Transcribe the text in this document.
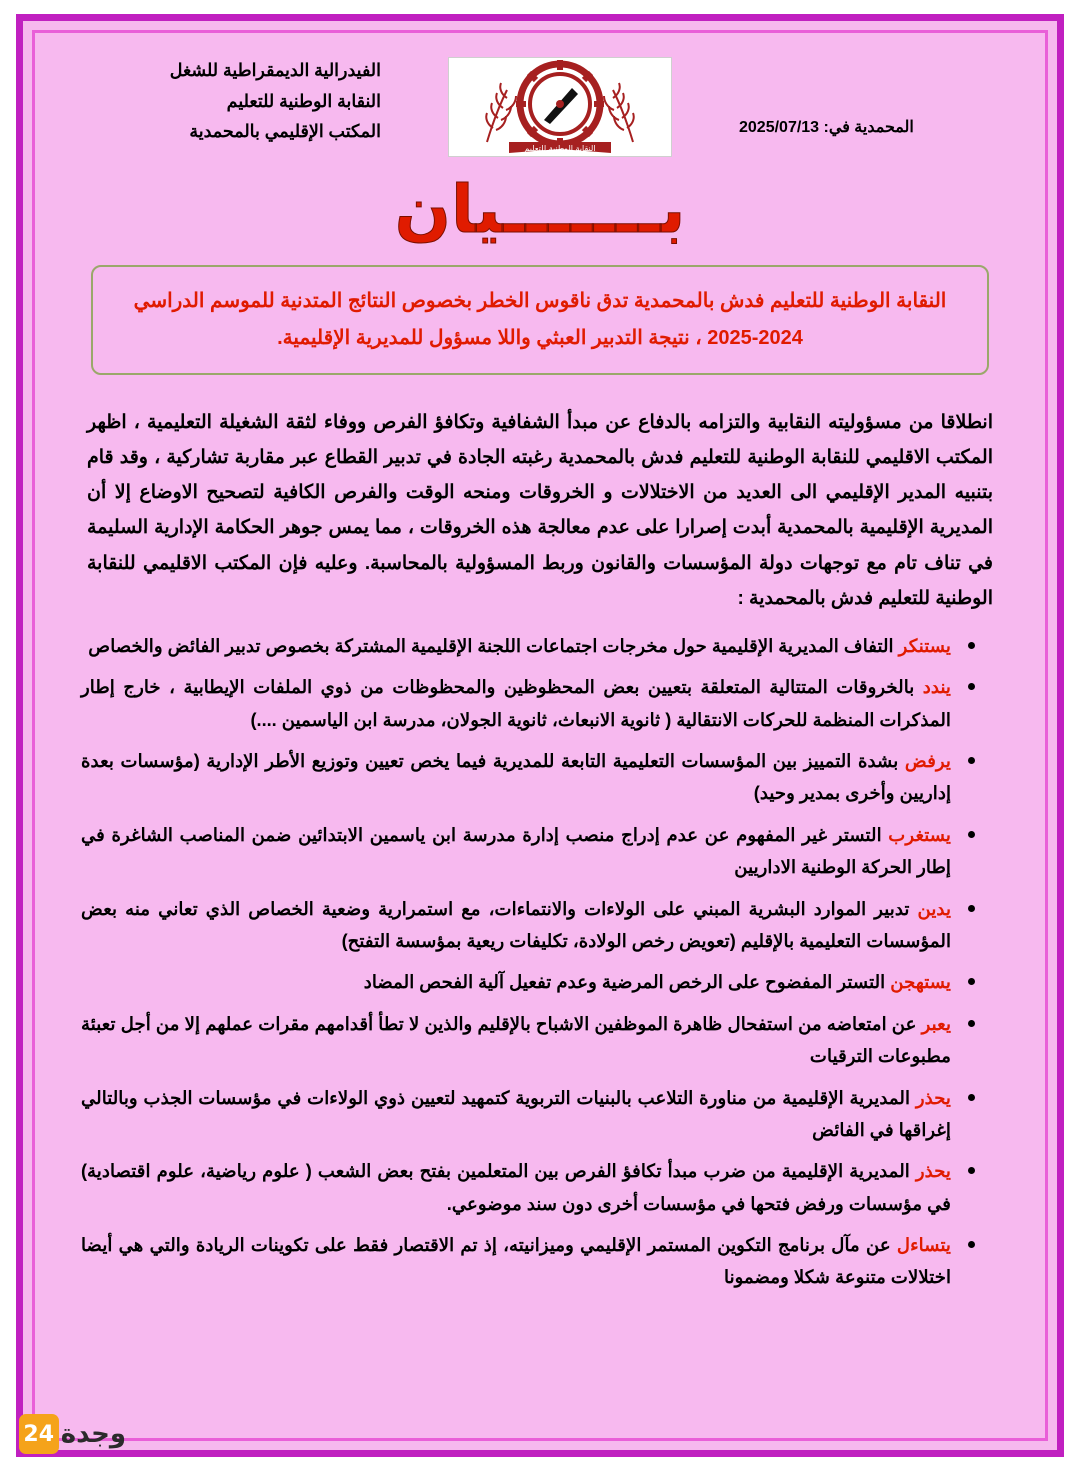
المحمدية في: 2025/07/13
النقابة الوطنية للتعليم
الفيدرالية الديمقراطية للشغل
النقابة الوطنية للتعليم
المكتب الإقليمي بالمحمدية
بـــــــيان
النقابة الوطنية للتعليم فدش بالمحمدية تدق ناقوس الخطر بخصوص النتائج المتدنية للموسم الدراسي 2024-2025 ، نتيجة التدبير العبثي واللا مسؤول للمديرية الإقليمية.
انطلاقا من مسؤوليته النقابية والتزامه بالدفاع عن مبدأ الشفافية وتكافؤ الفرص ووفاء لثقة الشغيلة التعليمية ، اظهر المكتب الاقليمي للنقابة الوطنية للتعليم فدش بالمحمدية رغبته الجادة في تدبير القطاع عبر مقاربة تشاركية ، وقد قام بتنبيه المدير الإقليمي الى العديد من الاختلالات و الخروقات ومنحه الوقت والفرص الكافية لتصحيح الاوضاع إلا أن المديرية الإقليمية بالمحمدية أبدت إصرارا على عدم معالجة هذه الخروقات ، مما يمس جوهر الحكامة الإدارية السليمة في تناف تام مع توجهات دولة المؤسسات والقانون وربط المسؤولية بالمحاسبة. وعليه فإن المكتب الاقليمي للنقابة الوطنية للتعليم فدش بالمحمدية :
يستنكر التفاف المديرية الإقليمية حول مخرجات اجتماعات اللجنة الإقليمية المشتركة بخصوص تدبير الفائض والخصاص
يندد بالخروقات المتتالية المتعلقة بتعيين بعض المحظوظين والمحظوظات من ذوي الملفات الإيطابية ، خارج إطار المذكرات المنظمة للحركات الانتقالية ( ثانوية الانبعاث، ثانوية الجولان، مدرسة ابن الياسمين ....)
يرفض بشدة التمييز بين المؤسسات التعليمية التابعة للمديرية فيما يخص تعيين وتوزيع الأطر الإدارية (مؤسسات بعدة إداريين وأخرى بمدير وحيد)
يستغرب التستر غير المفهوم عن عدم إدراج منصب إدارة مدرسة ابن ياسمين الابتدائين ضمن المناصب الشاغرة في إطار الحركة الوطنية الاداريين
يدين تدبير الموارد البشرية المبني على الولاءات والانتماءات، مع استمرارية وضعية الخصاص الذي تعاني منه بعض المؤسسات التعليمية بالإقليم (تعويض رخص الولادة، تكليفات ريعية بمؤسسة التفتح)
يستهجن التستر المفضوح على الرخص المرضية وعدم تفعيل آلية الفحص المضاد
يعبر عن امتعاضه من استفحال ظاهرة الموظفين الاشباح بالإقليم والذين لا تطأ أقدامهم مقرات عملهم إلا من أجل تعبئة مطبوعات الترقيات
يحذر المديرية الإقليمية من مناورة التلاعب بالبنيات التربوية كتمهيد لتعيين ذوي الولاءات في مؤسسات الجذب وبالتالي إغراقها في الفائض
يحذر المديرية الإقليمية من ضرب مبدأ تكافؤ الفرص بين المتعلمين بفتح بعض الشعب ( علوم رياضية، علوم اقتصادية) في مؤسسات ورفض فتحها في مؤسسات أخرى دون سند موضوعي.
يتساءل عن مآل برنامج التكوين المستمر الإقليمي وميزانيته، إذ تم الاقتصار فقط على تكوينات الريادة والتي هي أيضا اختلالات متنوعة شكلا ومضمونا
وجدة
24
